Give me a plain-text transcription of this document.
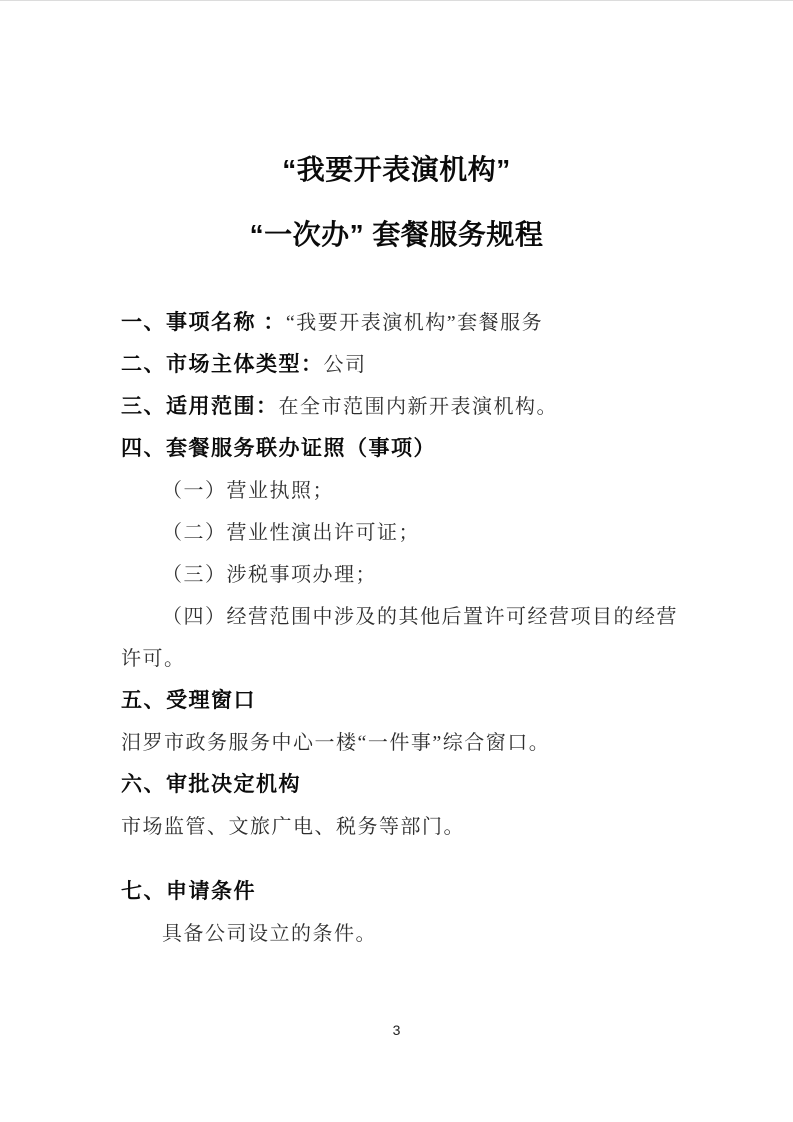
“我要开表演机构”
“一次办” 套餐服务规程

一、事项名称 ：“我要开表演机构”套餐服务

二、市场主体类型：公司

三、适用范围：在全市范围内新开表演机构。

四、套餐服务联办证照（事项）

（一）营业执照；

（二）营业性演出许可证；

（三）涉税事项办理；

（四）经营范围中涉及的其他后置许可经营项目的经营

许可。

五、受理窗口

汨罗市政务服务中心一楼“一件事”综合窗口。

六、审批决定机构

市场监管、文旅广电、税务等部门。

七、申请条件

具备公司设立的条件。

3
